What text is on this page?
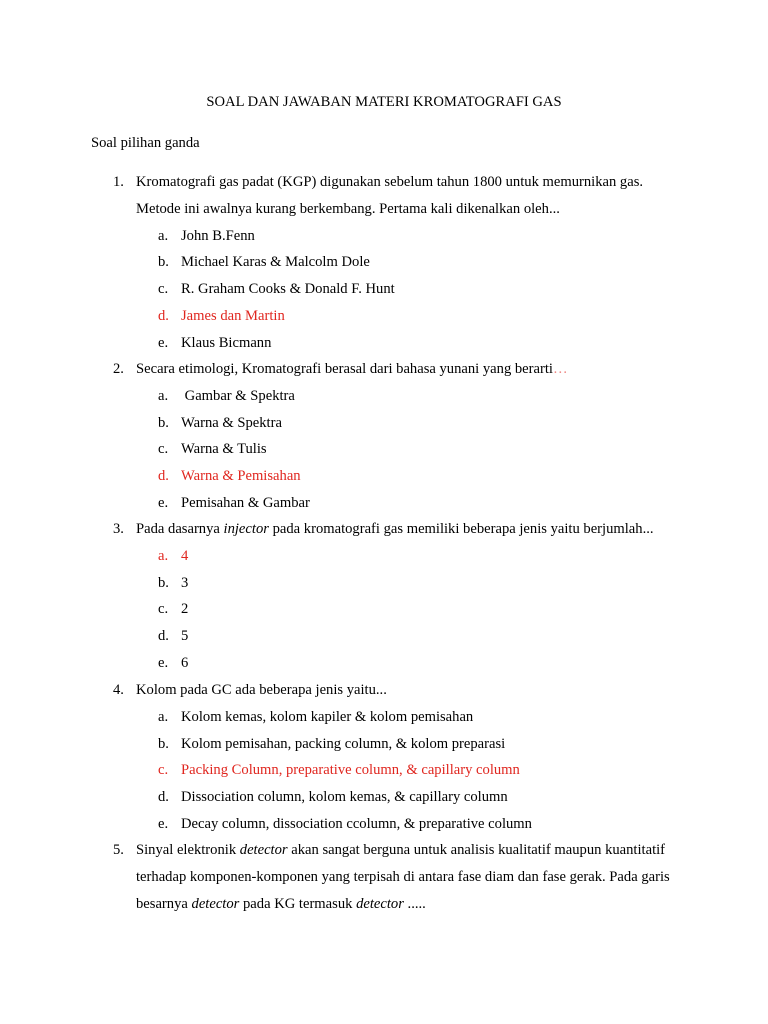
SOAL DAN JAWABAN MATERI KROMATOGRAFI GAS
Soal pilihan ganda
1. Kromatografi gas padat (KGP) digunakan sebelum tahun 1800 untuk memurnikan gas. Metode ini awalnya kurang berkembang. Pertama kali dikenalkan oleh...
a. John B.Fenn
b. Michael Karas & Malcolm Dole
c. R. Graham Cooks & Donald F. Hunt
d. James dan Martin
e. Klaus Bicmann
2. Secara etimologi, Kromatografi berasal dari bahasa yunani yang berarti…
a. Gambar & Spektra
b. Warna & Spektra
c. Warna & Tulis
d. Warna & Pemisahan
e. Pemisahan & Gambar
3. Pada dasarnya injector pada kromatografi gas memiliki beberapa jenis yaitu berjumlah...
a. 4
b. 3
c. 2
d. 5
e. 6
4. Kolom pada GC ada beberapa jenis yaitu...
a. Kolom kemas, kolom kapiler & kolom pemisahan
b. Kolom pemisahan, packing column, & kolom preparasi
c. Packing Column, preparative column, & capillary column
d. Dissociation column, kolom kemas, & capillary column
e. Decay column, dissociation ccolumn, & preparative column
5. Sinyal elektronik detector akan sangat berguna untuk analisis kualitatif maupun kuantitatif terhadap komponen-komponen yang terpisah di antara fase diam dan fase gerak. Pada garis besarnya detector pada KG termasuk detector .....
